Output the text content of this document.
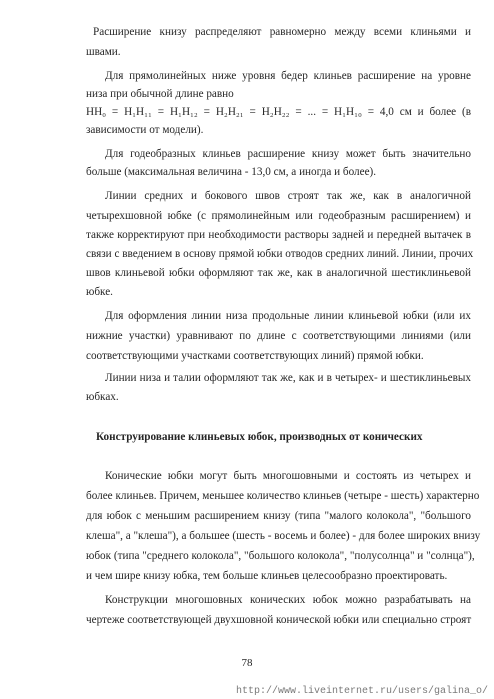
Расширение книзу распределяют равномерно между всеми клиньями и
швами.
Для прямолинейных ниже уровня бедер клиньев расширение на уровне
низа при обычной длине равно
НН₀ = Н₁Н₁₁ = Н₁Н₁₂ = Н₂Н₂₁ = Н₂Н₂₂ = ... = Н₁Н₁₀ = 4,0 см и более (в
зависимости от модели).
Для годеобразных клиньев расширение книзу может быть значительно
больше (максимальная величина - 13,0 см, а иногда и более).
Линии средних и бокового швов строят так же, как в аналогичной
четырехшовной юбке (с прямолинейным или годеобразным расширением) и
также корректируют при необходимости растворы задней и передней вытачек в
связи с введением в основу прямой юбки отводов средних линий. Линии, прочих
швов клиньевой юбки оформляют так же, как в аналогичной шестиклиньевой
юбке.
Для оформления линии низа продольные линии клиньевой юбки (или их
нижние участки) уравнивают по длине с соответствующими линиями (или
соответствующими участками соответствующих линий) прямой юбки.
Линии низа и талии оформляют так же, как и в четырех- и шестиклиньевых
юбках.
Конструирование клиньевых юбок, производных от конических
Конические юбки могут быть многошовными и состоять из четырех и
более клиньев. Причем, меньшее количество клиньев (четыре - шесть) характерно
для юбок с меньшим расширением книзу (типа "малого колокола", "большого
клеша", а "клеша"), а большее (шесть - восемь и более) - для более широких внизу
юбок (типа "среднего колокола", "большого колокола", "полусолнца" и "солнца"),
и чем шире книзу юбка, тем больше клиньев целесообразно проектировать.
Конструкции многошовных конических юбок можно разрабатывать на
чертеже соответствующей двухшовной конической юбки или специально строят
78
http://www.liveinternet.ru/users/galina_o/
